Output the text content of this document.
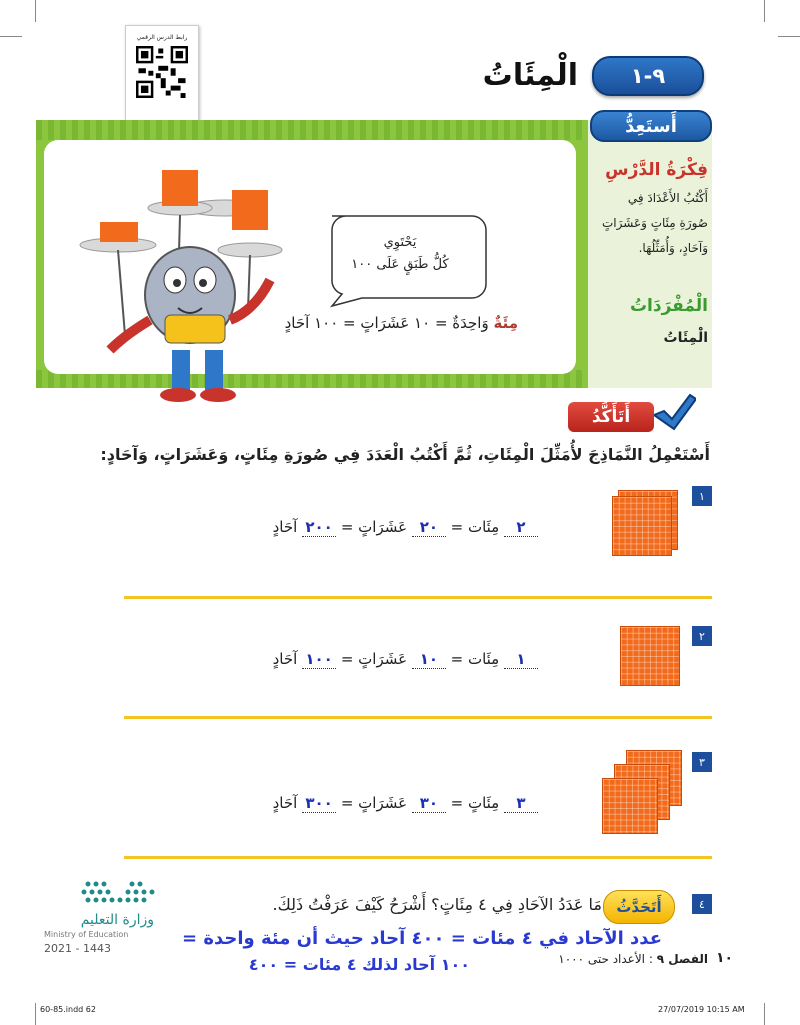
رابط الدرس الرقمي
٩-١
الْمِئَاتُ
أَستَعِدُّ
فِكْرَةُ الدَّرْسِ
أَكْتُبُ الأَعْدَادَ فِي
صُورَةِ مِئَاتٍ وَعَشَرَاتٍ
وَآحَادٍ، وَأُمَثِّلُهَا.
الْمُفْرَدَاتُ
الْمِئَاتُ
يَحْتَوِي
كُلُّ طَبَقٍ عَلَى ١٠٠
مِئَةٌ وَاحِدَةٌ = ١٠ عَشَرَاتٍ = ١٠٠ آحَادٍ
أَتَأَكَّدُ
أَسْتَعْمِلُ النَّمَاذِجَ لأُمَثِّلَ الْمِئَاتِ، ثُمَّ أَكْتُبُ الْعَدَدَ فِي صُورَةِ مِئَاتٍ، وَعَشَرَاتٍ، وَآحَادٍ:
١
٢ مِئَات = ٢٠ عَشَرَاتٍ = ٢٠٠ آحَادٍ
٢
١ مِئَات = ١٠ عَشَرَاتٍ = ١٠٠ آحَادٍ
٣
٣ مِئَاتٍ = ٣٠ عَشَرَاتٍ = ٣٠٠ آحَادٍ
٤
أَتَحَدَّثُ
مَا عَدَدُ الآحَادِ فِي ٤ مِئَاتٍ؟ أَشْرَحُ كَيْفَ عَرَفْتُ ذَلِكَ.
عدد الآحاد في ٤ مئات = ٤٠٠ آحاد حيث أن مئة واحدة =
١٠٠ آحاد لذلك ٤ مئات = ٤٠٠
وزارة التعليم
Ministry of Education
2021 - 1443
١٠
الفصل ٩ : الأعداد حتى ١٠٠٠
60-85.indd 62	27/07/2019 10:15 AM
